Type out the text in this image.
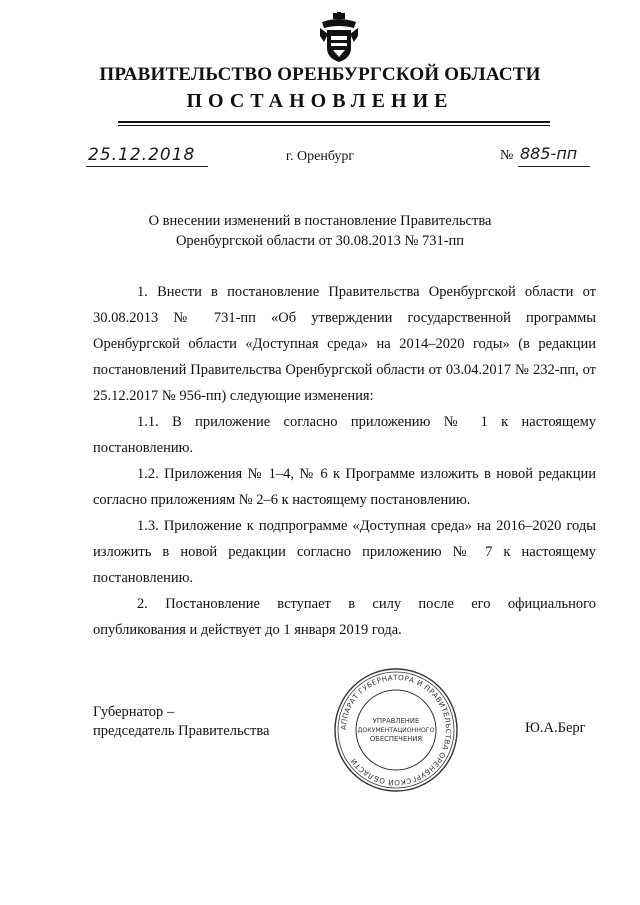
ПРАВИТЕЛЬСТВО ОРЕНБУРГСКОЙ ОБЛАСТИ
ПОСТАНОВЛЕНИЕ
25.12.2018	г. Оренбург	№ 885-пп
О внесении изменений в постановление Правительства
Оренбургской области от 30.08.2013 № 731-пп

1. Внести в постановление Правительства Оренбургской области от 30.08.2013 № 731-пп «Об утверждении государственной программы Оренбургской области «Доступная среда» на 2014–2020 годы» (в редакции постановлений Правительства Оренбургской области от 03.04.2017 № 232-пп, от 25.12.2017 № 956-пп) следующие изменения:

1.1. В приложение согласно приложению № 1 к настоящему постановлению.

1.2. Приложения № 1–4, № 6 к Программе изложить в новой редакции согласно приложениям № 2–6 к настоящему постановлению.

1.3. Приложение к подпрограмме «Доступная среда» на 2016–2020 годы изложить в новой редакции согласно приложению № 7 к настоящему постановлению.

2. Постановление вступает в силу после его официального опубликования и действует до 1 января 2019 года.

Губернатор –
председатель Правительства	Ю.А.Берг
АППАРАТ ГУБЕРНАТОРА И ПРАВИТЕЛЬСТВА ОРЕНБУРГСКОЙ ОБЛАСТИ
УПРАВЛЕНИЕ
ДОКУМЕНТАЦИОННОГО
ОБЕСПЕЧЕНИЯ
